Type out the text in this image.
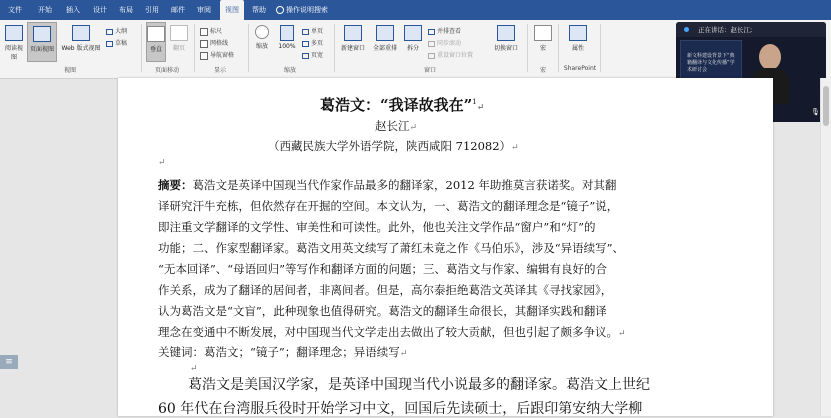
文件	开始	插入	设计	布局	引用	邮件	审阅	视图	帮助	操作说明搜索
阅读视图
页面视图	Web 版式视图
大纲
草稿
视图
垂直	翻页
页面移动
标尺
网格线
导航窗格
显示
缩放	100%
单页
多页
页宽
缩放
新建窗口	全部重排	拆分
并排查看
同步滚动
重设窗口位置
切换窗口
窗口
宏
宏
属性
SharePoint
正在讲话：赵长江;
新文科建设背景下“典籍翻译与文化传播”学术研讨会
🎙
葛浩文：“我译故我在”$^1$↵
赵长江↵
（西藏民族大学外语学院，陕西咸阳 712082）↵
↵
摘要：葛浩文是英译中国现当代作家作品最多的翻译家，2012 年助推莫言获诺奖。对其翻
译研究汗牛充栋，但依然存在开掘的空间。本文认为，一、葛浩文的翻译理念是“镜子”说，
即注重文学翻译的文学性、审美性和可读性。此外，他也关注文学作品“窗户”和“灯”的
功能；二、作家型翻译家。葛浩文用英文续写了萧红未竟之作《马伯乐》，涉及“异语续写”、
“无本回译”、“母语回归”等写作和翻译方面的问题；三、葛浩文与作家、编辑有良好的合
作关系，成为了翻译的居间者，非离间者。但是，高尔泰拒绝葛浩文英译其《寻找家园》，
认为葛浩文是“文盲”，此种现象也值得研究。葛浩文的翻译生命很长，其翻译实践和翻译
理念在变通中不断发展，对中国现当代文学走出去做出了较大贡献，但也引起了颇多争议。↵
关键词：葛浩文；“镜子”；翻译理念；异语续写↵
↵
葛浩文是美国汉学家，是英译中国现当代小说最多的翻译家。葛浩文上世纪
60 年代在台湾服兵役时开始学习中文，回国后先读硕士，后跟印第安纳大学柳
≡
